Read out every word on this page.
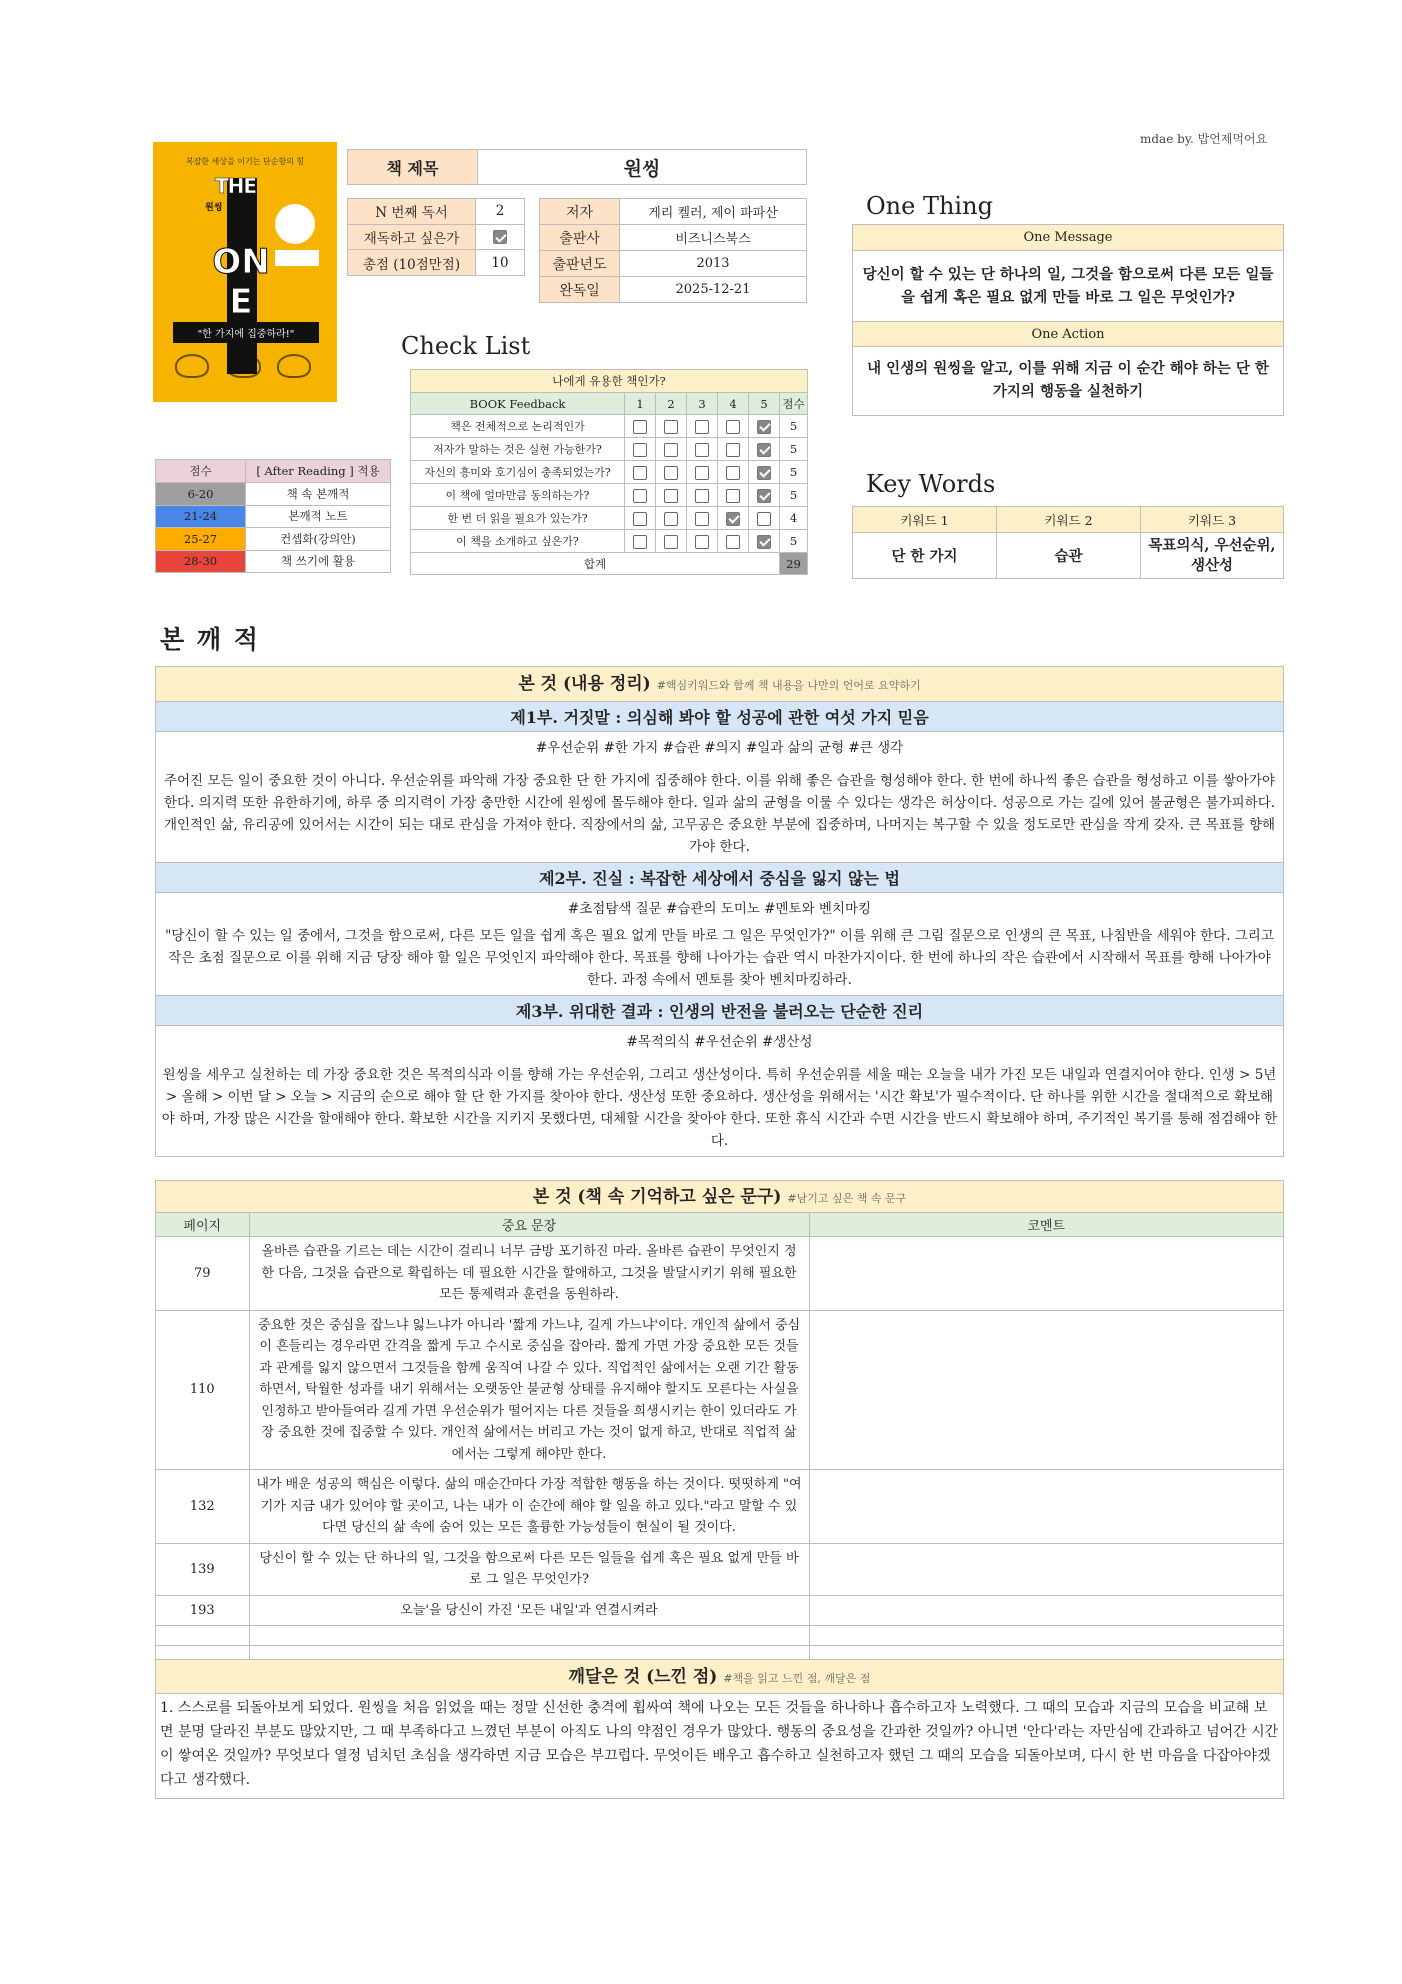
mdae by. 밥언제먹어요
복잡한 세상을 이기는 단순함의 힘
원씽
THE
ONE
"한 가지에 집중하라!"
책 제목	원씽
N 번째 독서	2
재독하고 싶은가	
총점 (10점만점)	10
저자	게리 켈러, 제이 파파산
출판사	비즈니스북스
출판년도	2013
완독일	2025-12-21
One Thing
One Message
당신이 할 수 있는 단 하나의 일, 그것을 함으로써 다른 모든 일들을 쉽게 혹은 필요 없게 만들 바로 그 일은 무엇인가?
One Action
내 인생의 원씽을 알고, 이를 위해 지금 이 순간 해야 하는 단 한 가지의 행동을 실천하기
Check List
나에게 유용한 책인가?						
BOOK Feedback	1	2	3	4	5	점수
책은 전체적으로 논리적인가						5
저자가 말하는 것은 실현 가능한가?						5
자신의 흥미와 호기심이 충족되었는가?						5
이 책에 얼마만큼 동의하는가?						5
한 번 더 읽을 필요가 있는가?						4
이 책을 소개하고 싶은가?						5
합계						29
점수	[ After Reading ] 적용
6-20	책 속 본깨적
21-24	본깨적 노트
25-27	컨셉화(강의안)
28-30	책 쓰기에 활용
Key Words
키워드 1	키워드 2	키워드 3
단 한 가지	습관	목표의식, 우선순위, 생산성
본 깨 적
본 것 (내용 정리) #핵심키워드와 함께 책 내용을 나만의 언어로 요약하기
제1부. 거짓말 : 의심해 봐야 할 성공에 관한 여섯 가지 믿음
#우선순위 #한 가지 #습관 #의지 #일과 삶의 균형 #큰 생각
주어진 모든 일이 중요한 것이 아니다. 우선순위를 파악해 가장 중요한 단 한 가지에 집중해야 한다. 이를 위해 좋은 습관을 형성해야 한다. 한 번에 하나씩 좋은 습관을 형성하고 이를 쌓아가야 한다. 의지력 또한 유한하기에, 하루 중 의지력이 가장 충만한 시간에 원씽에 몰두해야 한다. 일과 삶의 균형을 이룰 수 있다는 생각은 허상이다. 성공으로 가는 길에 있어 불균형은 불가피하다. 개인적인 삶, 유리공에 있어서는 시간이 되는 대로 관심을 가져야 한다. 직장에서의 삶, 고무공은 중요한 부분에 집중하며, 나머지는 복구할 수 있을 정도로만 관심을 작게 갖자. 큰 목표를 향해 가야 한다.
제2부. 진실 : 복잡한 세상에서 중심을 잃지 않는 법
#초점탐색 질문 #습관의 도미노 #멘토와 벤치마킹
"당신이 할 수 있는 일 중에서, 그것을 함으로써, 다른 모든 일을 쉽게 혹은 필요 없게 만들 바로 그 일은 무엇인가?" 이를 위해 큰 그림 질문으로 인생의 큰 목표, 나침반을 세워야 한다. 그리고 작은 초점 질문으로 이를 위해 지금 당장 해야 할 일은 무엇인지 파악해야 한다. 목표를 향해 나아가는 습관 역시 마찬가지이다. 한 번에 하나의 작은 습관에서 시작해서 목표를 향해 나아가야 한다. 과정 속에서 멘토를 찾아 벤치마킹하라.
제3부. 위대한 결과 : 인생의 반전을 불러오는 단순한 진리
#목적의식 #우선순위 #생산성
원씽을 세우고 실천하는 데 가장 중요한 것은 목적의식과 이를 향해 가는 우선순위, 그리고 생산성이다. 특히 우선순위를 세울 때는 오늘을 내가 가진 모든 내일과 연결지어야 한다. 인생 > 5년 > 올해 > 이번 달 > 오늘 > 지금의 순으로 해야 할 단 한 가지를 찾아야 한다. 생산성 또한 중요하다. 생산성을 위해서는 '시간 확보'가 필수적이다. 단 하나를 위한 시간을 절대적으로 확보해야 하며, 가장 많은 시간을 할애해야 한다. 확보한 시간을 지키지 못했다면, 대체할 시간을 찾아야 한다. 또한 휴식 시간과 수면 시간을 반드시 확보해야 하며, 주기적인 복기를 통해 점검해야 한다.
본 것 (책 속 기억하고 싶은 문구) #남기고 싶은 책 속 문구
페이지	중요 문장	코멘트
79	올바른 습관을 기르는 데는 시간이 걸리니 너무 금방 포기하진 마라. 올바른 습관이 무엇인지 정한 다음, 그것을 습관으로 확립하는 데 필요한 시간을 할애하고, 그것을 발달시키기 위해 필요한 모든 통제력과 훈련을 동원하라.	
110	중요한 것은 중심을 잡느냐 잃느냐가 아니라 '짧게 가느냐, 길게 가느냐'이다. 개인적 삶에서 중심이 흔들리는 경우라면 간격을 짧게 두고 수시로 중심을 잡아라. 짧게 가면 가장 중요한 모든 것들과 관계를 잃지 않으면서 그것들을 함께 움직여 나갈 수 있다. 직업적인 삶에서는 오랜 기간 활동하면서, 탁월한 성과를 내기 위해서는 오랫동안 불균형 상태를 유지해야 할지도 모른다는 사실을 인정하고 받아들여라 길게 가면 우선순위가 떨어지는 다른 것들을 희생시키는 한이 있더라도 가장 중요한 것에 집중할 수 있다. 개인적 삶에서는 버리고 가는 것이 없게 하고, 반대로 직업적 삶에서는 그렇게 해야만 한다.	
132	내가 배운 성공의 핵심은 이렇다. 삶의 매순간마다 가장 적합한 행동을 하는 것이다. 떳떳하게 "여기가 지금 내가 있어야 할 곳이고, 나는 내가 이 순간에 해야 할 일을 하고 있다."라고 말할 수 있다면 당신의 삶 속에 숨어 있는 모든 훌륭한 가능성들이 현실이 될 것이다.	
139	당신이 할 수 있는 단 하나의 일, 그것을 함으로써 다른 모든 일들을 쉽게 혹은 필요 없게 만들 바로 그 일은 무엇인가?	
193	오늘'을 당신이 가진 '모든 내일'과 연결시켜라	

깨달은 것 (느낀 점) #책을 읽고 느낀 점, 깨달은 점
1. 스스로를 되돌아보게 되었다. 원씽을 처음 읽었을 때는 정말 신선한 충격에 휩싸여 책에 나오는 모든 것들을 하나하나 흡수하고자 노력했다. 그 때의 모습과 지금의 모습을 비교해 보면 분명 달라진 부분도 많았지만, 그 때 부족하다고 느꼈던 부분이 아직도 나의 약점인 경우가 많았다. 행동의 중요성을 간과한 것일까? 아니면 '안다'라는 자만심에 간과하고 넘어간 시간이 쌓여온 것일까? 무엇보다 열정 넘치던 초심을 생각하면 지금 모습은 부끄럽다. 무엇이든 배우고 흡수하고 실천하고자 했던 그 때의 모습을 되돌아보며, 다시 한 번 마음을 다잡아야겠다고 생각했다.
